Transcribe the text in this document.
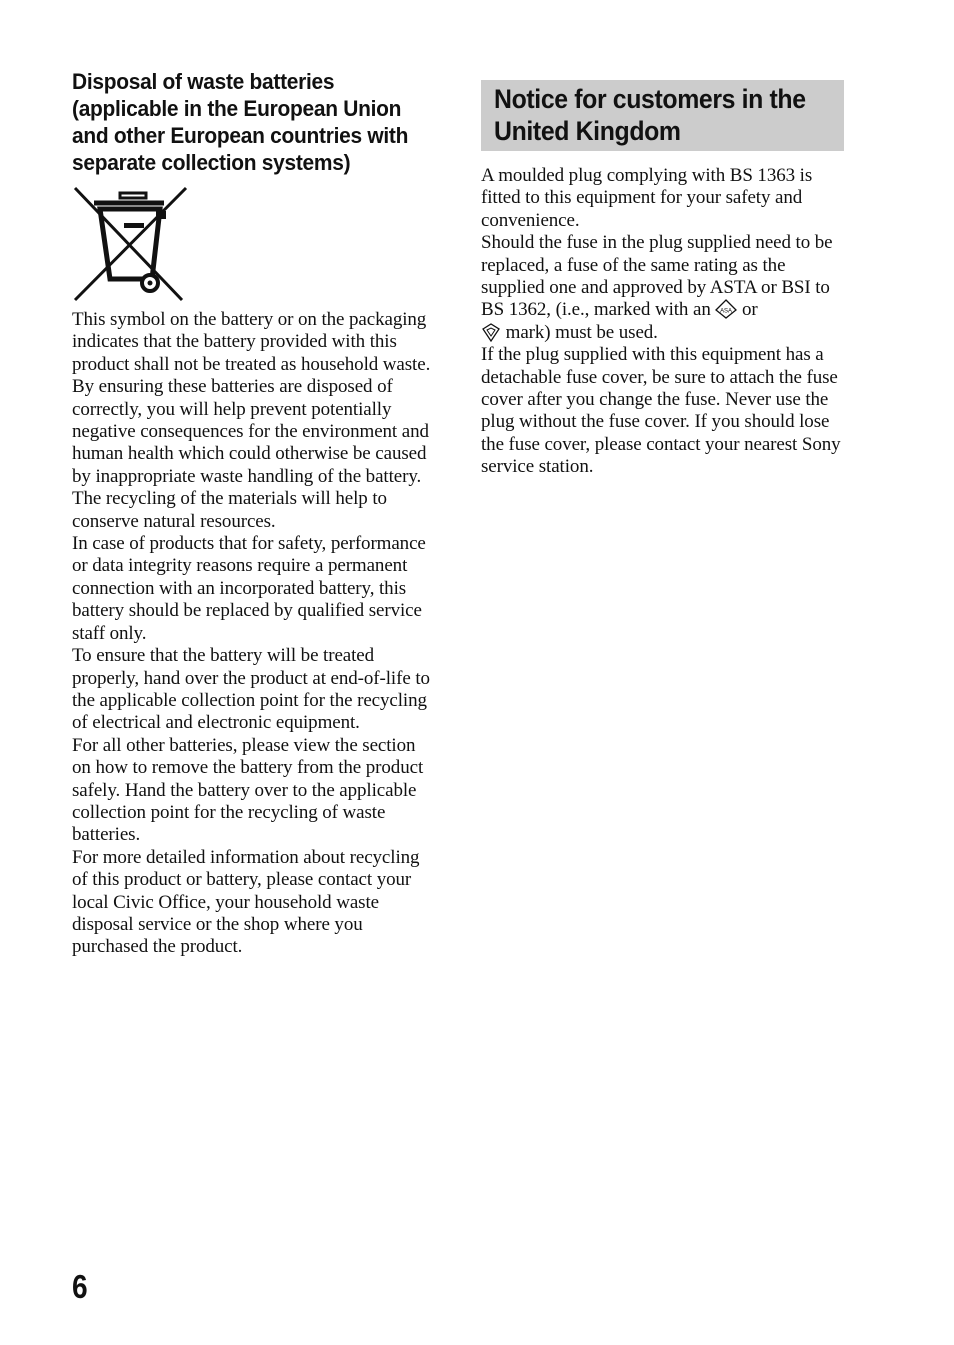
Disposal of waste batteries (applicable in the European Union and other European countries with separate collection systems)

This symbol on the battery or on the packaging indicates that the battery provided with this product shall not be treated as household waste.

By ensuring these batteries are disposed of correctly, you will help prevent potentially negative consequences for the environment and human health which could otherwise be caused by inappropriate waste handling of the battery. The recycling of the materials will help to conserve natural resources.

In case of products that for safety, performance or data integrity reasons require a permanent connection with an incorporated battery, this battery should be replaced by qualified service staff only.

To ensure that the battery will be treated properly, hand over the product at end-of-life to the applicable collection point for the recycling of electrical and electronic equipment.

For all other batteries, please view the section on how to remove the battery from the product safely. Hand the battery over to the applicable collection point for the recycling of waste batteries.

For more detailed information about recycling of this product or battery, please contact your local Civic Office, your household waste disposal service or the shop where you purchased the product.

Notice for customers in the United Kingdom

A moulded plug complying with BS 1363 is fitted to this equipment for your safety and convenience.

Should the fuse in the plug supplied need to be replaced, a fuse of the same rating as the supplied one and approved by ASTA or BSI to BS 1362, (i.e., marked with an ASA or
mark) must be used.

If the plug supplied with this equipment has a detachable fuse cover, be sure to attach the fuse cover after you change the fuse. Never use the plug without the fuse cover. If you should lose the fuse cover, please contact your nearest Sony service station.

6
